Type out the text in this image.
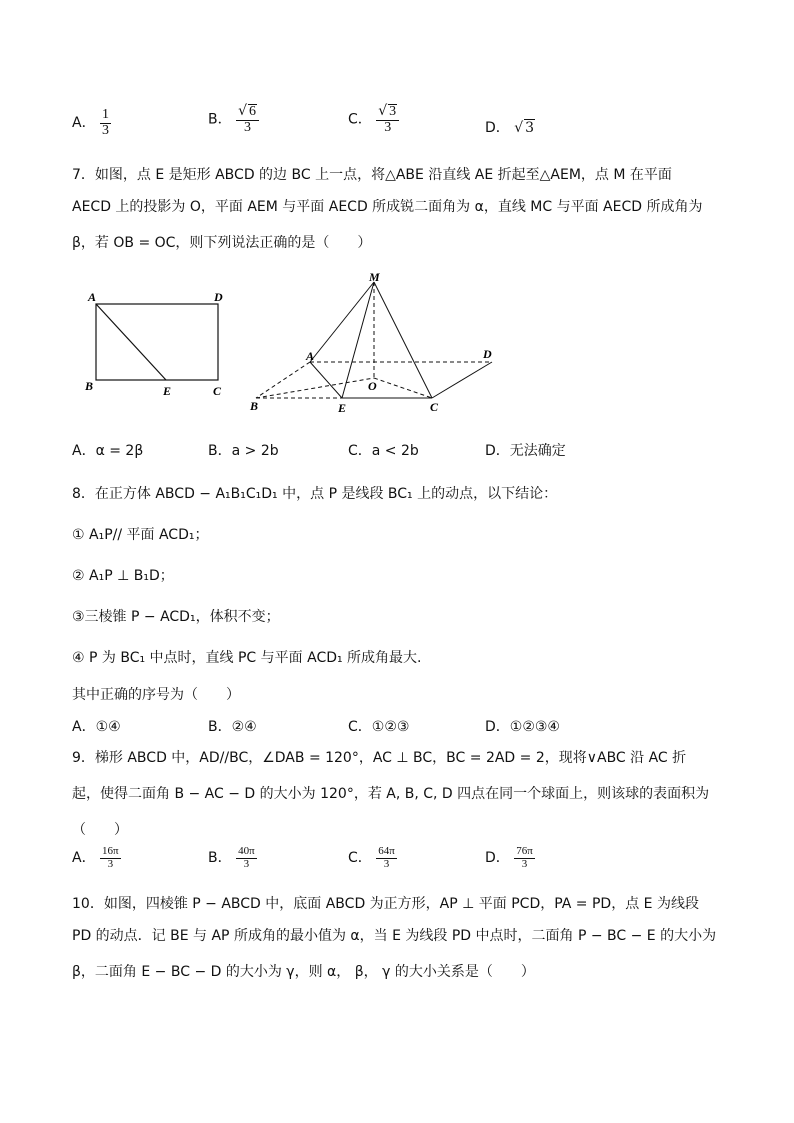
A． $\frac{1}{3}$	B． $\frac{√ 6}{3}$	C． $\frac{√ 3}{3}$	D． √ 3
7．如图，点 E 是矩形 ABCD 的边 BC 上一点，将△ABE 沿直线 AE 折起至△AEM，点 M 在平面
AECD 上的投影为 O，平面 AEM 与平面 AECD 所成锐二面角为 α，直线 MC 与平面 AECD 所成角为
β，若 OB = OC，则下列说法正确的是（　　）
A	D
B	E	C
M
A	D
O
B	E	C
A．α = 2β	B．a > 2b	C．a < 2b	D．无法确定
8．在正方体 ABCD − A₁B₁C₁D₁ 中，点 P 是线段 BC₁ 上的动点，以下结论：
① A₁P// 平面 ACD₁；
② A₁P ⊥ B₁D；
③三棱锥 P − ACD₁，体积不变；
④ P 为 BC₁ 中点时，直线 PC 与平面 ACD₁ 所成角最大.
其中正确的序号为（　　）
A．①④	B．②④	C．①②③	D．①②③④
9．梯形 ABCD 中，AD//BC，∠DAB = 120°，AC ⊥ BC，BC = 2AD = 2，现将∨ABC 沿 AC 折
起，使得二面角 B − AC − D 的大小为 120°，若 A, B, C, D 四点在同一个球面上，则该球的表面积为
（　　）
A． $\frac{16\pi}{3}$	B． $\frac{40\pi}{3}$	C． $\frac{64\pi}{3}$	D． $\frac{76\pi}{3}$
10．如图，四棱锥 P − ABCD 中，底面 ABCD 为正方形，AP ⊥ 平面 PCD，PA = PD，点 E 为线段
PD 的动点．记 BE 与 AP 所成角的最小值为 α，当 E 为线段 PD 中点时，二面角 P − BC − E 的大小为
β，二面角 E − BC − D 的大小为 γ，则 α， β， γ 的大小关系是（　　）
